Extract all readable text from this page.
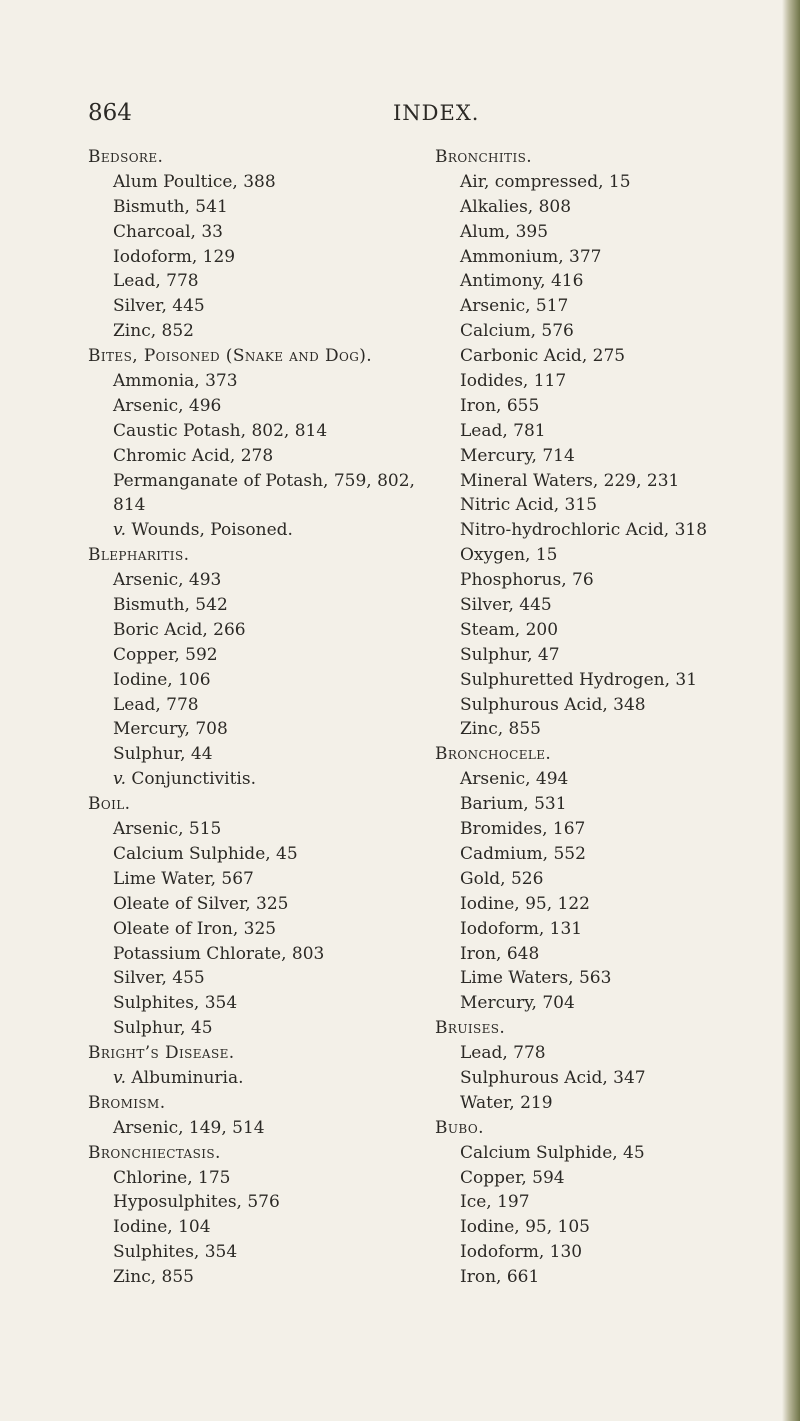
864	INDEX.
Bedsore.
Alum Poultice, 388
Bismuth, 541
Charcoal, 33
Iodoform, 129
Lead, 778
Silver, 445
Zinc, 852
Bites, Poisoned (Snake and Dog).
Ammonia, 373
Arsenic, 496
Caustic Potash, 802, 814
Chromic Acid, 278
Permanganate of Potash, 759, 802,
814
v. Wounds, Poisoned.
Blepharitis.
Arsenic, 493
Bismuth, 542
Boric Acid, 266
Copper, 592
Iodine, 106
Lead, 778
Mercury, 708
Sulphur, 44
v. Conjunctivitis.
Boil.
Arsenic, 515
Calcium Sulphide, 45
Lime Water, 567
Oleate of Silver, 325
Oleate of Iron, 325
Potassium Chlorate, 803
Silver, 455
Sulphites, 354
Sulphur, 45
Bright’s Disease.
v. Albuminuria.
Bromism.
Arsenic, 149, 514
Bronchiectasis.
Chlorine, 175
Hyposulphites, 576
Iodine, 104
Sulphites, 354
Zinc, 855
Bronchitis.
Air, compressed, 15
Alkalies, 808
Alum, 395
Ammonium, 377
Antimony, 416
Arsenic, 517
Calcium, 576
Carbonic Acid, 275
Iodides, 117
Iron, 655
Lead, 781
Mercury, 714
Mineral Waters, 229, 231
Nitric Acid, 315
Nitro-hydrochloric Acid, 318
Oxygen, 15
Phosphorus, 76
Silver, 445
Steam, 200
Sulphur, 47
Sulphuretted Hydrogen, 31
Sulphurous Acid, 348
Zinc, 855
Bronchocele.
Arsenic, 494
Barium, 531
Bromides, 167
Cadmium, 552
Gold, 526
Iodine, 95, 122
Iodoform, 131
Iron, 648
Lime Waters, 563
Mercury, 704
Bruises.
Lead, 778
Sulphurous Acid, 347
Water, 219
Bubo.
Calcium Sulphide, 45
Copper, 594
Ice, 197
Iodine, 95, 105
Iodoform, 130
Iron, 661
